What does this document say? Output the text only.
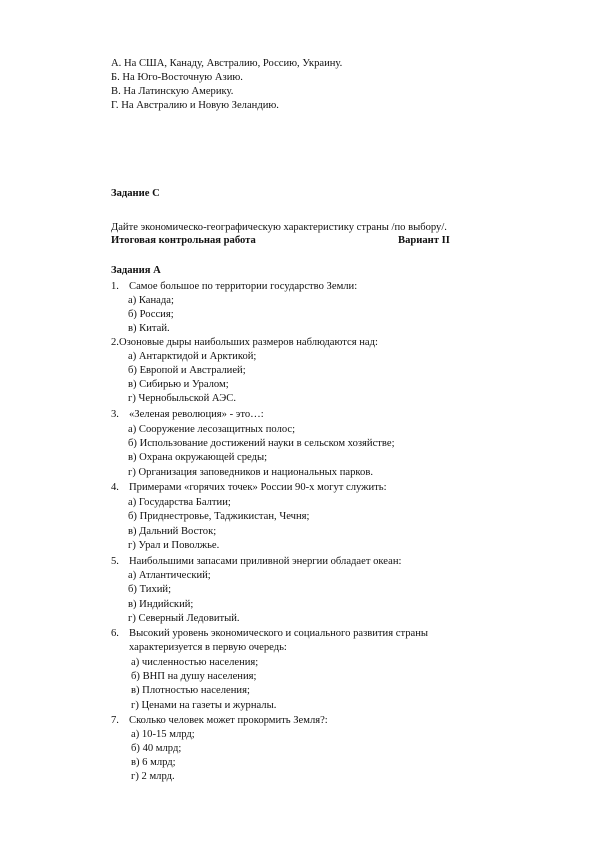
А. На США, Канаду, Австралию, Россию, Украину.
Б. На Юго-Восточную Азию.
В. На Латинскую Америку.
Г. На Австралию и Новую Зеландию.
Задание С
Дайте экономическо-географическую характеристику страны /по выбору/.
Итоговая контрольная работа	Вариант II
Задания А
1. Самое большое по территории государство Земли:
а) Канада;
б) Россия;
в) Китай.
2.Озоновые дыры наибольших размеров наблюдаются над:
а) Антарктидой и Арктикой;
б) Европой и Австралией;
в) Сибирью и Уралом;
г) Чернобыльской АЭС.
3. «Зеленая революция» - это…:
а) Сооружение лесозащитных полос;
б) Использование достижений науки в сельском хозяйстве;
в) Охрана окружающей среды;
г) Организация заповедников и национальных парков.
4. Примерами «горячих точек» России 90-х могут служить:
а) Государства Балтии;
б) Приднестровье, Таджикистан, Чечня;
в) Дальний Восток;
г) Урал и Поволжье.
5. Наибольшими запасами приливной энергии обладает океан:
а) Атлантический;
б) Тихий;
в) Индийский;
г) Северный Ледовитый.
6. Высокий уровень экономического и социального развития страны
характеризуется в первую очередь:
а) численностью населения;
б) ВНП на душу населения;
в) Плотностью населения;
г) Ценами на газеты и журналы.
7. Сколько человек может прокормить Земля?:
а) 10-15 млрд;
б) 40 млрд;
в) 6 млрд;
г) 2 млрд.
